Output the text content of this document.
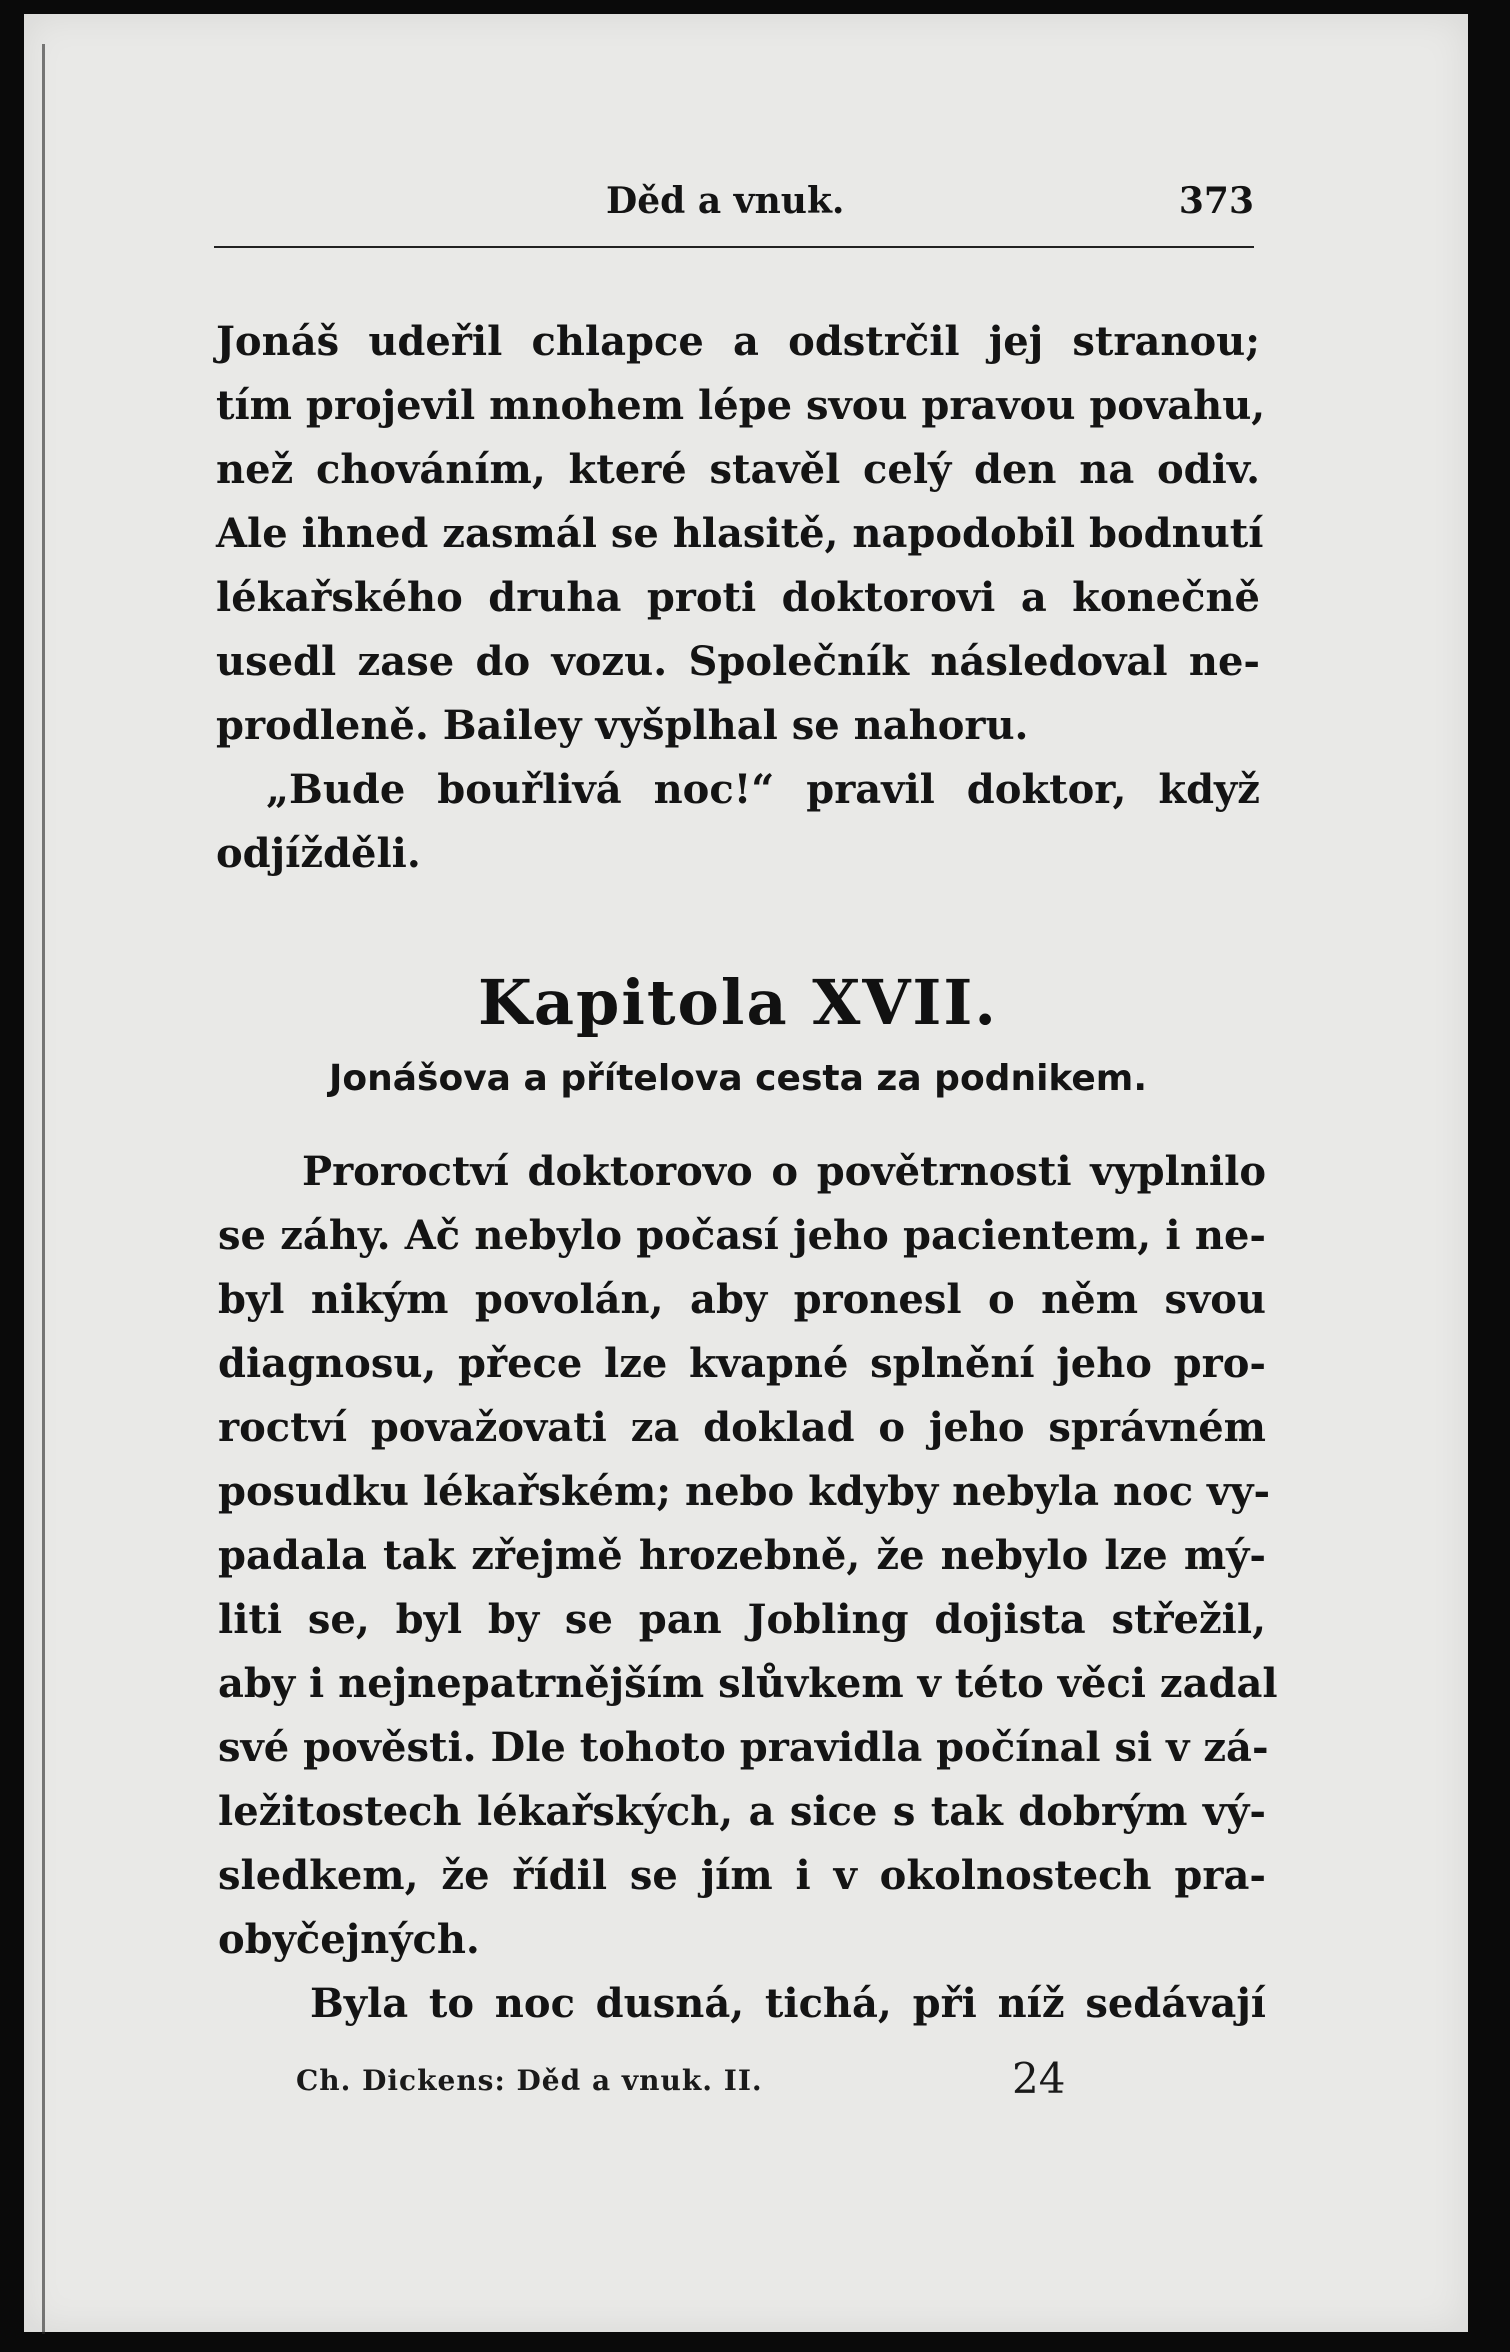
Děd a vnuk.	373
Jonáš udeřil chlapce a odstrčil jej stranou;
tím projevil mnohem lépe svou pravou povahu,
než chováním, které stavěl celý den na odiv.
Ale ihned zasmál se hlasitě, napodobil bodnutí
lékařského druha proti doktorovi a konečně
usedl zase do vozu. Společník následoval ne-
prodleně. Bailey vyšplhal se nahoru.
„Bude bouřlivá noc!“ pravil doktor, když
odjížděli.
Kapitola XVII.
Jonášova a přítelova cesta za podnikem.
Proroctví doktorovo o povětrnosti vyplnilo
se záhy. Ač nebylo počasí jeho pacientem, i ne-
byl nikým povolán, aby pronesl o něm svou
diagnosu, přece lze kvapné splnění jeho pro-
roctví považovati za doklad o jeho správném
posudku lékařském; nebo kdyby nebyla noc vy-
padala tak zřejmě hrozebně, že nebylo lze mý-
liti se, byl by se pan Jobling dojista střežil,
aby i nejnepatrnějším slůvkem v této věci zadal
své pověsti. Dle tohoto pravidla počínal si v zá-
ležitostech lékařských, a sice s tak dobrým vý-
sledkem, že řídil se jím i v okolnostech pra-
obyčejných.
Byla to noc dusná, tichá, při níž sedávají
Ch. Dickens: Děd a vnuk. II.	24
